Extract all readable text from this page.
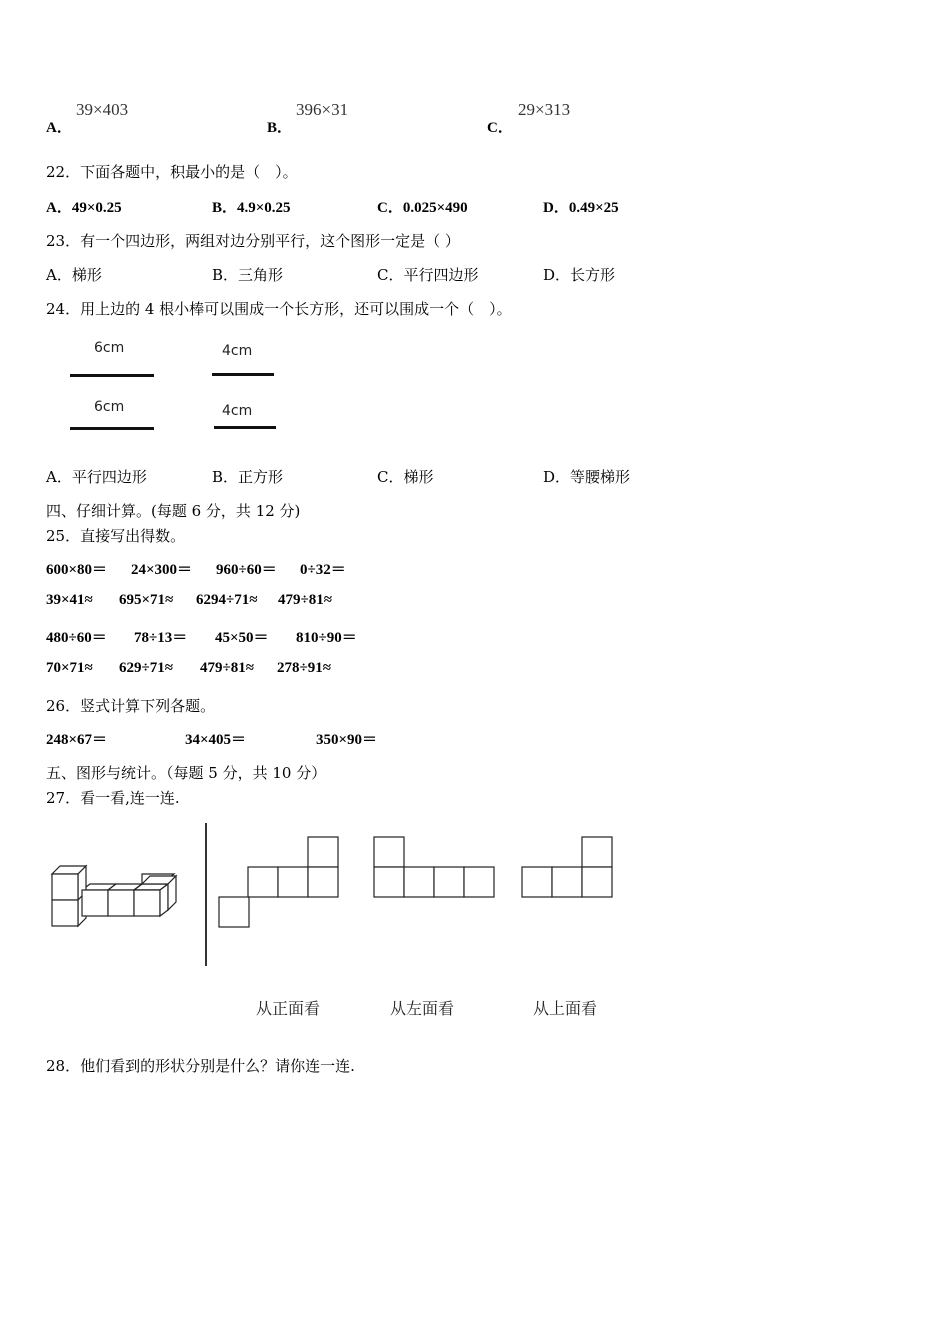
A．
39×403
B．
396×31
C．
29×313
22．下面各题中，积最小的是（　）。
A．49×0.25	B．4.9×0.25	C．0.025×490	D．0.49×25
23．有一个四边形，两组对边分别平行，这个图形一定是（ ）
A．梯形	B．三角形	C．平行四边形	D．长方形
24．用上边的 4 根小棒可以围成一个长方形，还可以围成一个（　）。
6cm	4cm
6cm	4cm
A．平行四边形	B．正方形	C．梯形	D．等腰梯形
四、仔细计算。(每题 6 分，共 12 分)
25．直接写出得数。
600×80＝ 24×300＝ 960÷60＝ 0÷32＝
39×41≈ 695×71≈ 6294÷71≈ 479÷81≈
480÷60＝ 78÷13＝ 45×50＝ 810÷90＝
70×71≈ 629÷71≈ 479÷81≈ 278÷91≈
26．竖式计算下列各题。
248×67＝	34×405＝	350×90＝
五、图形与统计。（每题 5 分，共 10 分）
27．看一看,连一连.
从正面看	从左面看	从上面看
28．他们看到的形状分别是什么？请你连一连.
